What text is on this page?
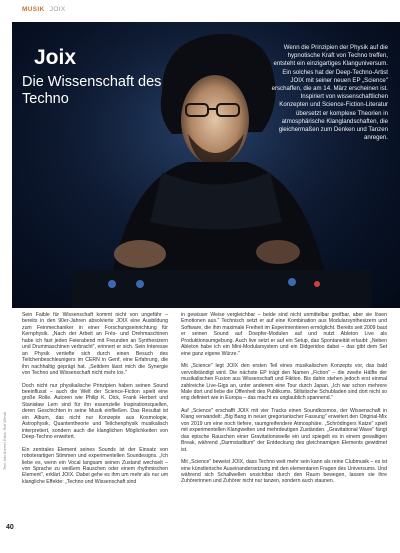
MUSIK JOIX
Joix
Die Wissenschaft des Techno
Wenn die Prinzipien der Physik auf die hypnotische Kraft von Techno treffen, entsteht ein einzigartiges Klanguniversum. Ein solches hat der Deep-Techno-Artist JOIX mit seiner neuen EP „Science" erschaffen, die am 14. März erscheinen ist. Inspiriert von wissenschaftlichen Konzepten und Science-Fiction-Literatur übersetzt er komplexe Theorien in atmosphärische Klanglandschaften, die gleichermaßen zum Denken und Tanzen anregen.
Text: Udo Bremer Fotos: Rolf Wendt

Sein Faible für Wissenschaft kommt nicht von ungefähr – bereits in den 90er-Jahren absolvierte JOIX eine Ausbildung zum Feinmechaniker in einer Forschungseinrichtung für Kernphysik. „Nach der Arbeit an Frés- und Drehmaschinen habe ich fast jeden Feierabend mit Freunden an Synthesizern und Drummaschinen verbracht", erinnert er sich. Sein Interesse an Physik vertiefte sich durch einen Besuch des Teilchenbeschleunigers im CERN in Genf, eine Erfahrung, die ihn nachhaltig geprägt hat. „Seitdem lässt mich die Synergie von Techno und Wissenschaft nicht mehr los."

Doch nicht nur physikalische Prinzipien haben seinen Sound beeinflusst – auch die Welt der Science-Fiction spielt eine große Rolle. Autoren wie Philip K. Dick, Frank Herbert und Stanisław Lem sind für ihn essenzielle Inspirationsquellen, deren Geschichten in seine Musik einfließen. Das Resultat ist ein Album, das nicht nur Konzepte aus Kosmologie, Astrophysik, Quantentheorie und Teilchenphysik musikalisch interpretiert, sondern auch die klanglichen Möglichkeiten von Deep-Techno erweitert.

Ein zentrales Element seines Sounds ist der Einsatz von roboterartigen Stimmen und experimentellen Soundesigns. „Ich liebe es, wenn ein Vocal langsam seinen Zustand wechselt – von Sprache zu weißem Rauschen oder einem rhythmischen Element", erklärt JOIX. Dabei gehe es ihm um mehr als nur um klangliche Effekte: „Techno und Wissenschaft sind

in gewisser Weise vergleichbar – beide sind nicht unmittelbar greifbar, aber sie lösen Emotionen aus." Technisch setzt er auf eine Kombination aus Modularsynthesizern und Software, die ihm maximale Freiheit im Experimentieren ermöglicht. Bereits seit 2009 baut er seinen Sound auf Doepfer-Modulen auf und nutzt Ableton Live als Produktionsumgebung. Auch live setzt er auf ein Setup, das Spontaneität erlaubt: „Neben Ableton habe ich ein Mini-Modularsystem und ein Didgeridoo dabei – das gibt dem Set eine ganz eigene Würze."

Mit „Science" legt JOIX den ersten Teil eines musikalischen Konzepts vor, das bald vervollständigt wird. Die nächste EP trägt den Namen „Fiction" – die zweite Hälfte der musikalischen Fusion aus Wissenschaft und Fiktion. Bis dahin stehen jedoch erst einmal zahlreiche Live-Gigs an, unter anderem eine Tour durch Japan. „Ich war schon mehrere Male dort und liebe die Offenheit des Publikums. Stilistische Schubladen sind dort nicht so eng definiert wie in Europa – das macht es unglaublich spannend."

Auf „Science" erschafft JOIX mit vier Tracks einen Soundkosmos, der Wissenschaft in Klang verwandelt: „Big Bang in neuer gregorianischer Fassung" erweitert den Original-Mix von 2019 um eine noch tiefere, raumgreifendere Atmosphäre. „Schrödingers Katze" spielt mit experimentellen Klangwelten und mehrdeutigen Zuständen. „Gravitational Wave" fängt das epische Rauschen einer Gravitationswelle ein und spiegelt es in einem gewaltigen Break, während „Darmstadtium" der Entdeckung des gleichnamigen Elements gewidmet ist.

Mit „Science" beweist JOIX, dass Techno weit mehr sein kann als reine Clubmusik – es ist eine künstlerische Auseinandersetzung mit den elementaren Fragen des Universums. Und während sich Schallwellen unsichtbar durch den Raum bewegen, lassen sie ihre Zuhörerinnen und Zuhörer nicht nur tanzen, sondern auch staunen.

40
